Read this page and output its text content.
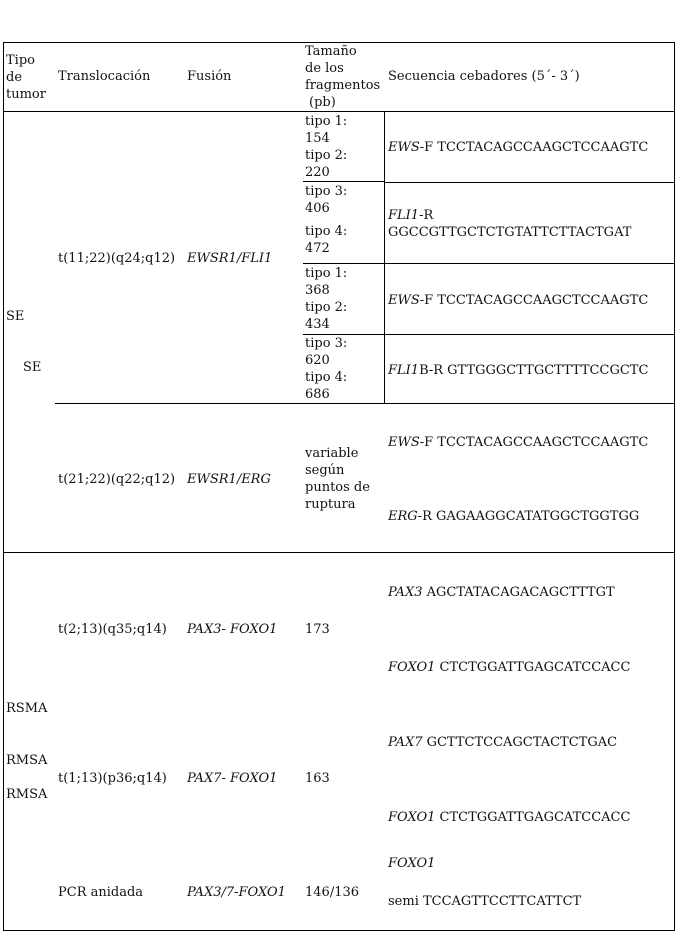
Tipo
de
tumor
Translocación	Fusión
Tamaño
de los
fragmentos
(pb)
Secuencia cebadores (5´- 3´)
SE
SE
t(11;22)(q24;q12) EWSR1/FLI1
t(21;22)(q22;q12) EWSR1/ERG
tipo 1:
154
tipo 2:
220
tipo 3:
406
tipo 4:
472
tipo 1:
368
tipo 2:
434
tipo 3:
620
tipo 4:
686
variable
según
puntos de
ruptura
EWS-F TCCTACAGCCAAGCTCCAAGTC
FLI1-R
GGCCGTTGCTCTGTATTCTTACTGAT
EWS-F TCCTACAGCCAAGCTCCAAGTC
FLI1B-R GTTGGGCTTGCTTTTCCGCTC
EWS-F TCCTACAGCCAAGCTCCAAGTC
ERG-R GAGAAGGCATATGGCTGGTGG
RSMA
RMSA
RMSA
t(2;13)(q35;q14) PAX3- FOXO1 173
t(1;13)(p36;q14) PAX7- FOXO1 163
PCR anidada	PAX3/7-FOXO1 146/136
PAX3 AGCTATACAGACAGCTTTGT
FOXO1 CTCTGGATTGAGCATCCACC
PAX7 GCTTCTCCAGCTACTCTGAC
FOXO1 CTCTGGATTGAGCATCCACC
FOXO1
semi TCCAGTTCCTTCATTCT
